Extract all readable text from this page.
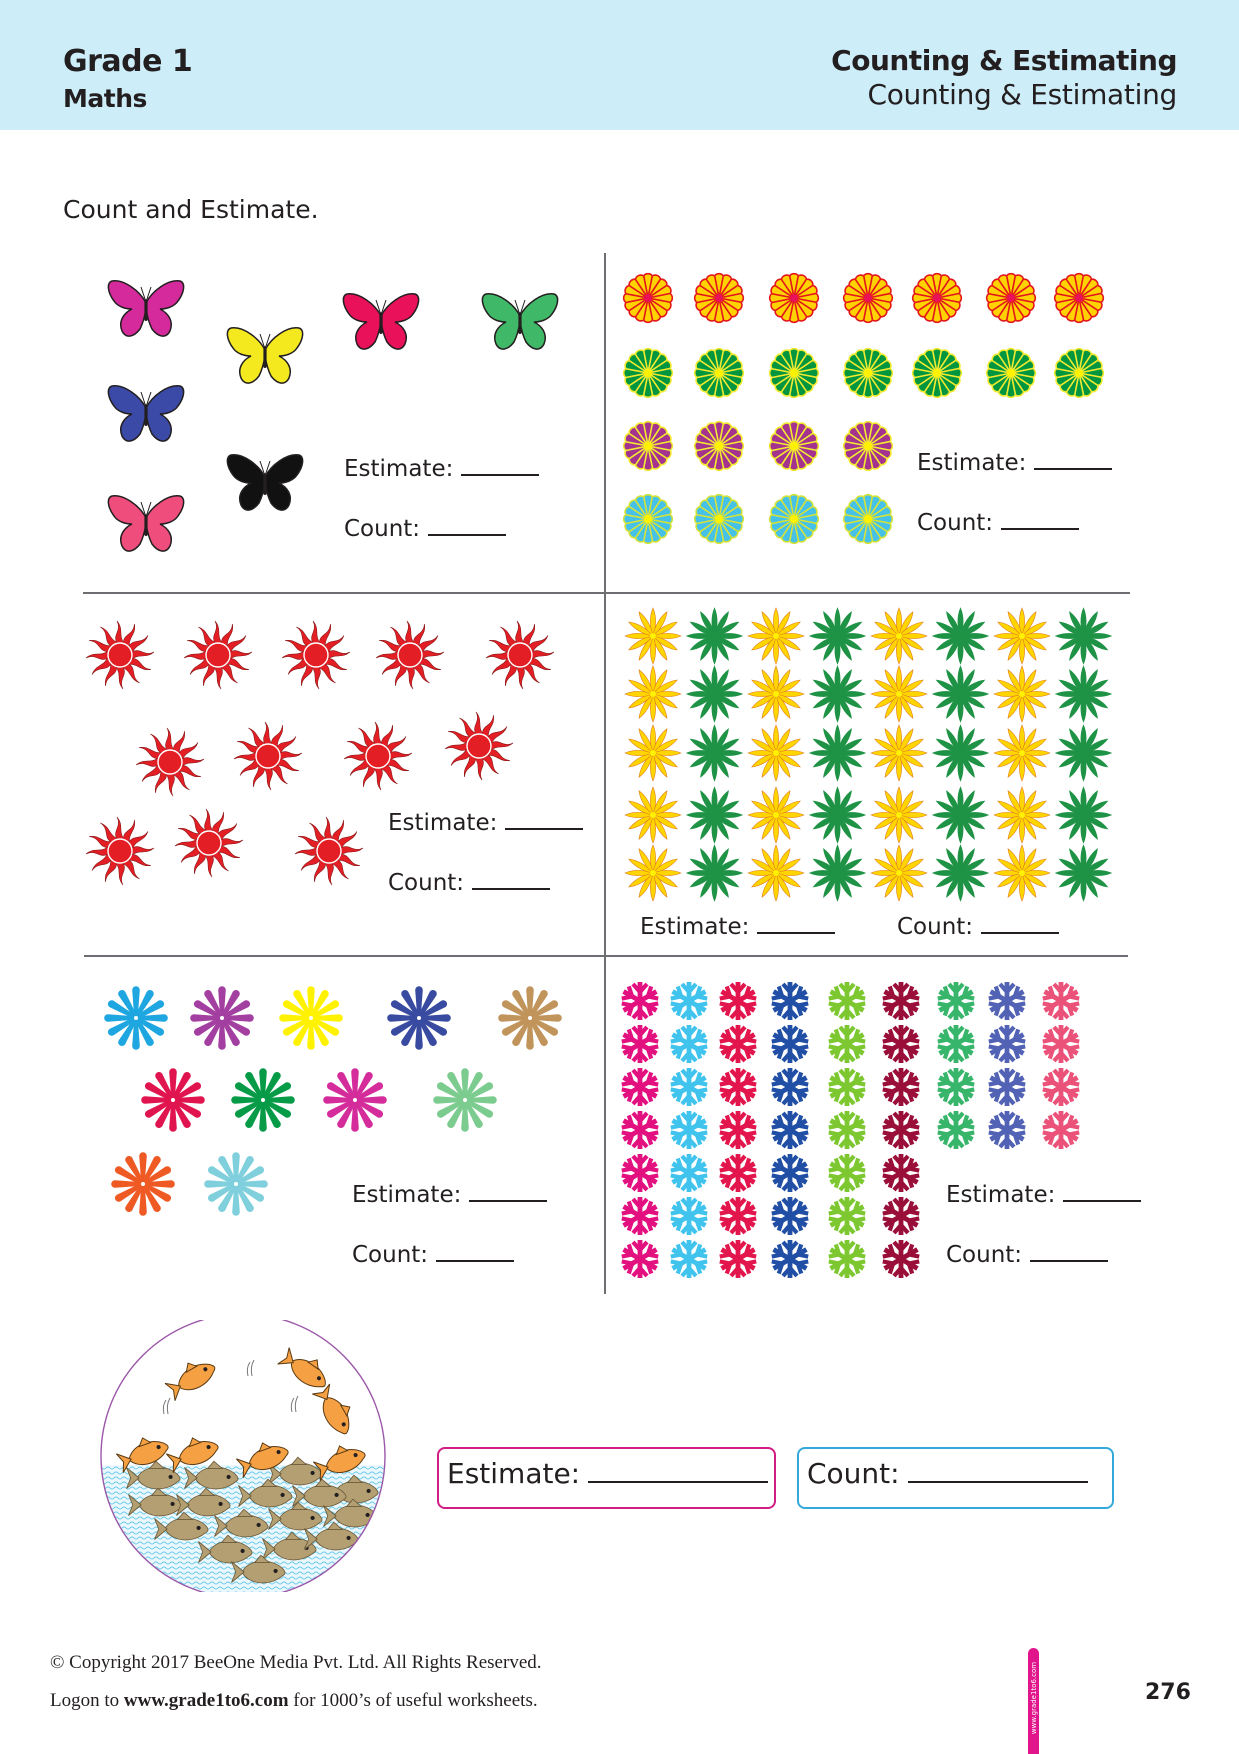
Grade 1
Maths
Counting & Estimating
Counting & Estimating
Count and Estimate.
Estimate:
Count:
Estimate:
Count:
Estimate:
Count:
Estimate:	Count:
Estimate:
Count:
Estimate:
Count:
Estimate:	Count:
© Copyright 2017 BeeOne Media Pvt. Ltd. All Rights Reserved.
Logon to www.grade1to6.com for 1000’s of useful worksheets.	www.grade1to6.com	276
